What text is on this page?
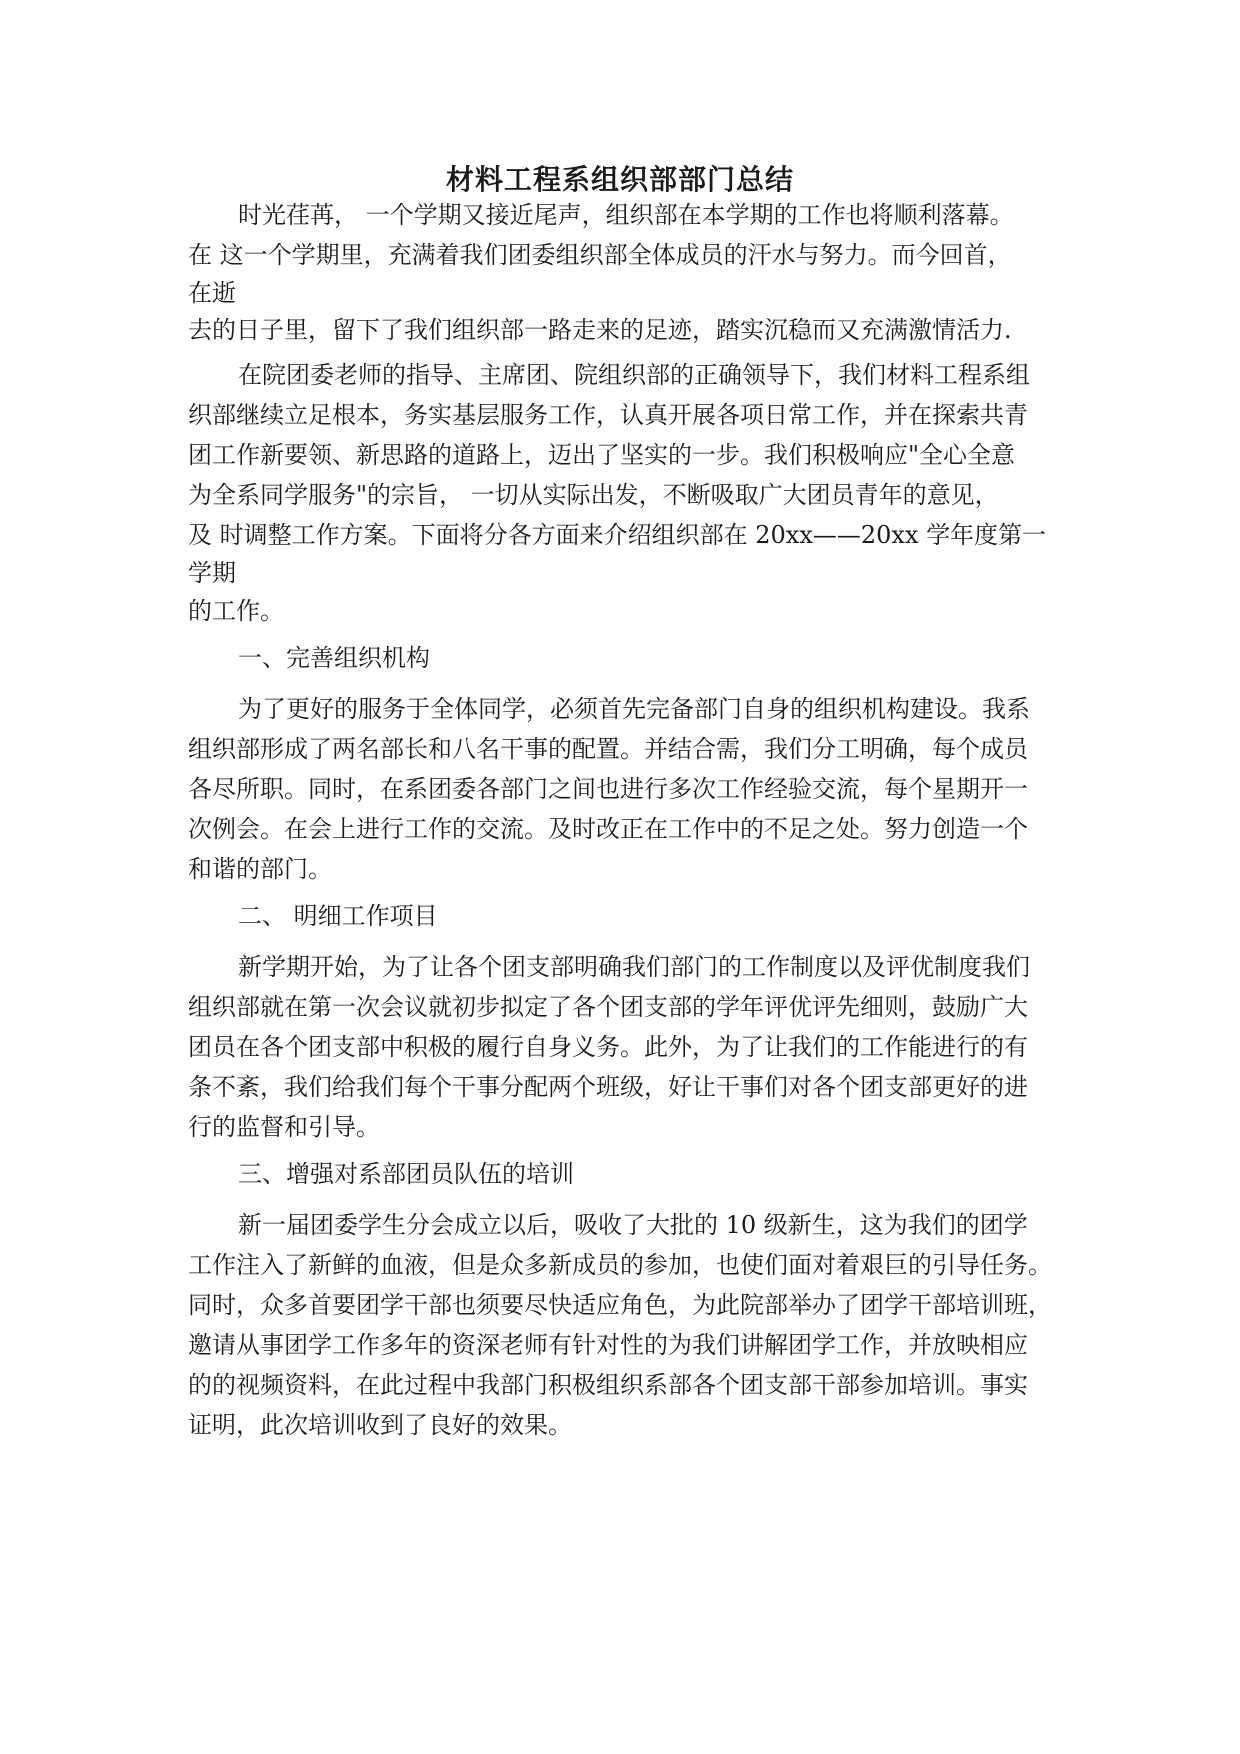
材料工程系组织部部门总结
时光荏苒， 一个学期又接近尾声，组织部在本学期的工作也将顺利落幕。
在 这一个学期里，充满着我们团委组织部全体成员的汗水与努力。而今回首，
在逝
去的日子里，留下了我们组织部一路走来的足迹，踏实沉稳而又充满激情活力.
在院团委老师的指导、主席团、院组织部的正确领导下，我们材料工程系组
织部继续立足根本，务实基层服务工作，认真开展各项日常工作，并在探索共青
团工作新要领、新思路的道路上，迈出了坚实的一步。我们积极响应"全心全意
为全系同学服务"的宗旨， 一切从实际出发，不断吸取广大团员青年的意见，
及 时调整工作方案。下面将分各方面来介绍组织部在 20xx——20xx 学年度第一
学期
的工作。
一、完善组织机构
为了更好的服务于全体同学，必须首先完备部门自身的组织机构建设。我系
组织部形成了两名部长和八名干事的配置。并结合需，我们分工明确，每个成员
各尽所职。同时，在系团委各部门之间也进行多次工作经验交流，每个星期开一
次例会。在会上进行工作的交流。及时改正在工作中的不足之处。努力创造一个
和谐的部门。
二、 明细工作项目
新学期开始，为了让各个团支部明确我们部门的工作制度以及评优制度我们
组织部就在第一次会议就初步拟定了各个团支部的学年评优评先细则，鼓励广大
团员在各个团支部中积极的履行自身义务。此外，为了让我们的工作能进行的有
条不紊，我们给我们每个干事分配两个班级，好让干事们对各个团支部更好的进
行的监督和引导。
三、增强对系部团员队伍的培训
新一届团委学生分会成立以后，吸收了大批的 10 级新生，这为我们的团学
工作注入了新鲜的血液，但是众多新成员的参加，也使们面对着艰巨的引导任务。
同时，众多首要团学干部也须要尽快适应角色，为此院部举办了团学干部培训班，
邀请从事团学工作多年的资深老师有针对性的为我们讲解团学工作，并放映相应
的的视频资料，在此过程中我部门积极组织系部各个团支部干部参加培训。事实
证明，此次培训收到了良好的效果。
